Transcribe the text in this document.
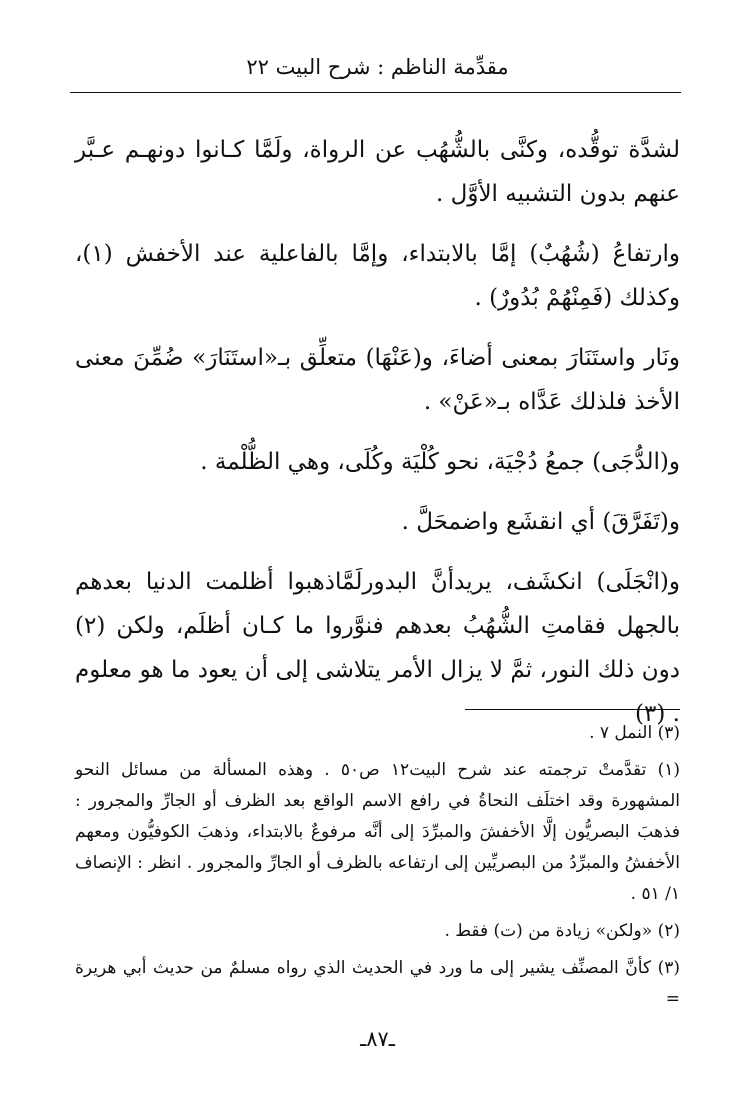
مقدِّمة الناظم : شرح البيت ٢٢

لشدَّة توقُّده، وكنَّى بالشُّهُب عن الرواة، ولَمَّا كـانوا دونهـم عـبَّر عنهم بدون التشبيه الأوَّل .

وارتفاعُ (شُهُبٌ) إمَّا بالابتداء، وإمَّا بالفاعلية عند الأخفش (١)، وكذلك (فَمِنْهُمْ بُدُورٌ) .

ونَار واستَنَارَ بمعنى أضاءَ، و(عَنْهَا) متعلِّق بـ«استَنَارَ» ضُمِّنَ معنى الأخذ فلذلك عَدَّاه بـ«عَنْ» .

و(الدُّجَى) جمعُ دُجْيَة، نحو كُلْيَة وكُلَى، وهي الظُّلْمة .

و(تَفَرَّقَ) أي انقشَع واضمحَلَّ .

و(انْجَلَى) انكشَف، يريدأنَّ البدورلَمَّاذهبوا أظلمت الدنيا بعدهم بالجهل فقامتِ الشُّهُبُ بعدهم فنوَّروا ما كـان أظلَم، ولكن (٢) دون ذلك النور، ثمَّ لا يزال الأمر يتلاشى إلى أن يعود ما هو معلوم . (٣)

(٣) النمل ٧ .

(١) تقدَّمتْ ترجمته عند شرح البيت١٢ ص٥٠ . وهذه المسألة من مسائل النحو المشهورة وقد اختلَف النحاةُ في رافع الاسم الواقع بعد الظرف أو الجارِّ والمجرور : فذهبَ البصريُّون إلَّا الأخفشَ والمبرِّدَ إلى أنَّه مرفوعٌ بالابتداء، وذهبَ الكوفيُّون ومعهم الأخفشُ والمبرِّدُ من البصريِّين إلى ارتفاعه بالظرف أو الجارِّ والمجرور . انظر : الإنصاف ١/ ٥١ .

(٢) «ولكن» زيادة من (ت) فقط .

(٣) كأنَّ المصنِّف يشير إلى ما ورد في الحديث الذي رواه مسلمٌ من حديث أبي هريرة =

ـ٨٧ـ
